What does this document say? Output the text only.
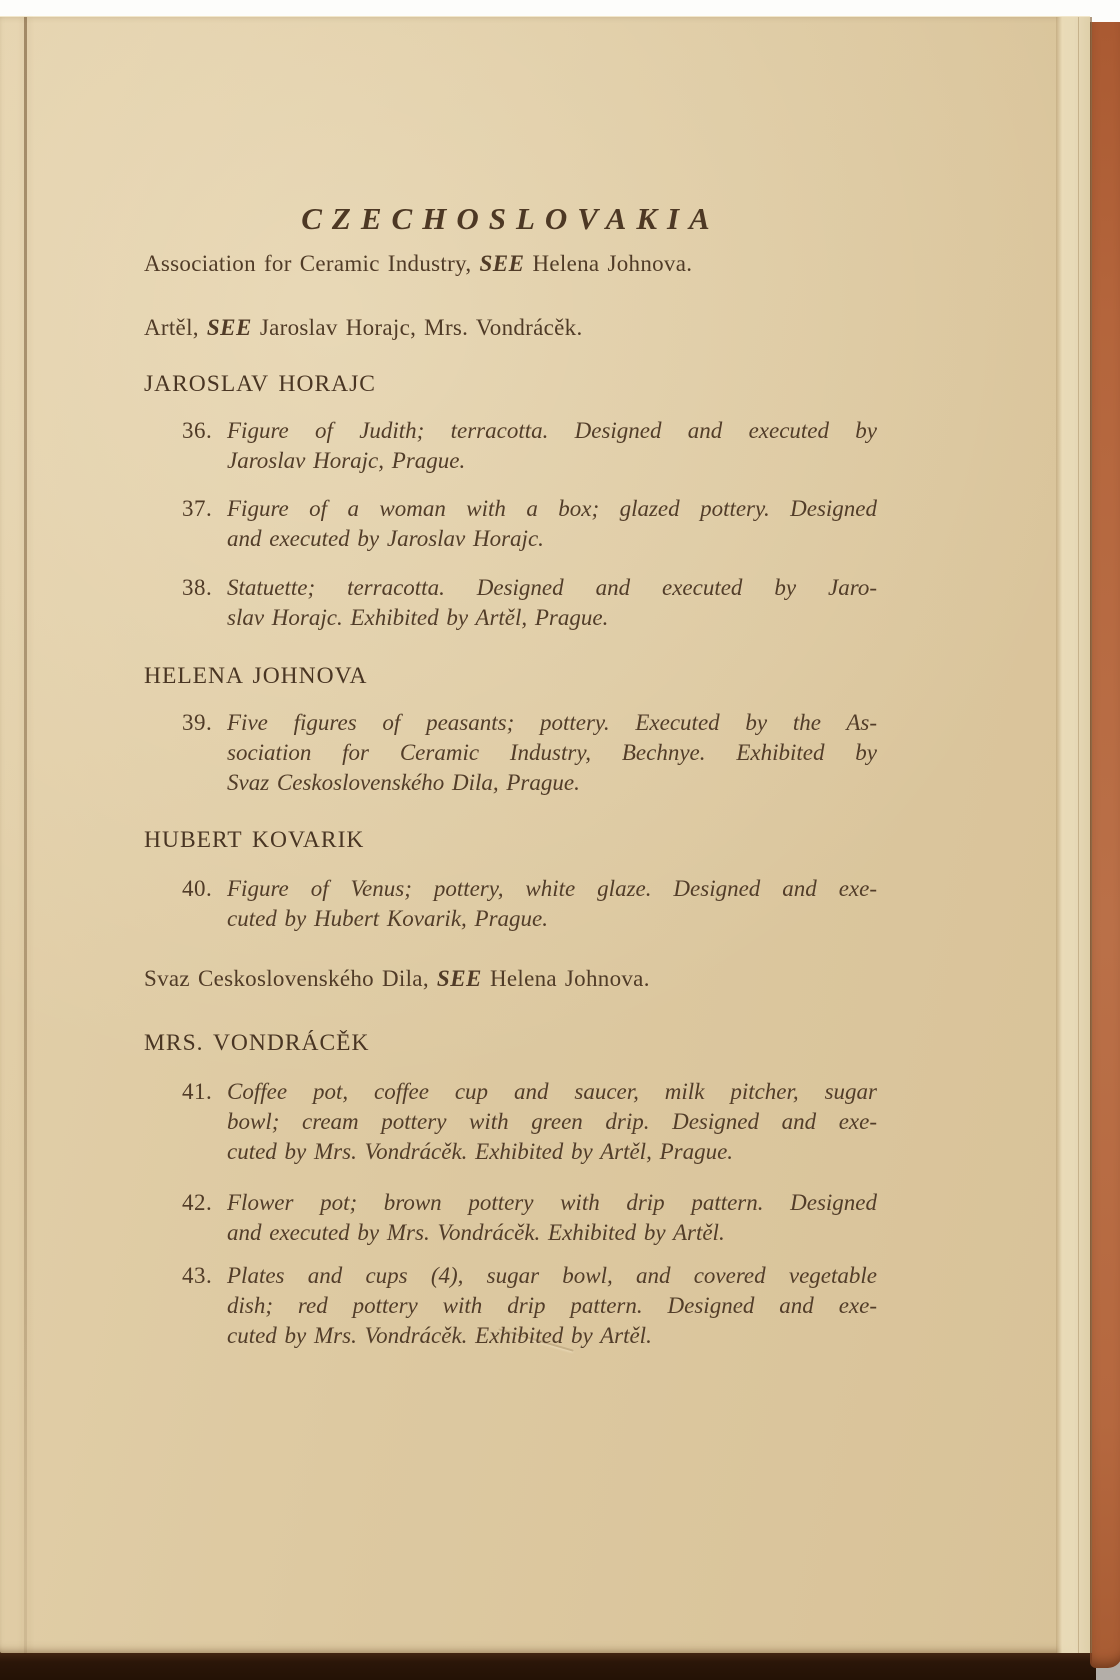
CZECHOSLOVAKIA

Association for Ceramic Industry, SEE Helena Johnova.

Artěl, SEE Jaroslav Horajc, Mrs. Vondrácěk.

JAROSLAV HORAJC
36. Figure of Judith; terracotta. Designed and executed by
Jaroslav Horajc, Prague.
37. Figure of a woman with a box; glazed pottery. Designed
and executed by Jaroslav Horajc.
38. Statuette; terracotta. Designed and executed by Jaro-
slav Horajc. Exhibited by Artěl, Prague.
HELENA JOHNOVA
39. Five figures of peasants; pottery. Executed by the As-
sociation for Ceramic Industry, Bechnye. Exhibited by
Svaz Ceskoslovenského Dila, Prague.
HUBERT KOVARIK
40. Figure of Venus; pottery, white glaze. Designed and exe-
cuted by Hubert Kovarik, Prague.

Svaz Ceskoslovenského Dila, SEE Helena Johnova.

MRS. VONDRÁCĚK
41. Coffee pot, coffee cup and saucer, milk pitcher, sugar
bowl; cream pottery with green drip. Designed and exe-
cuted by Mrs. Vondrácěk. Exhibited by Artěl, Prague.
42. Flower pot; brown pottery with drip pattern. Designed
and executed by Mrs. Vondrácěk. Exhibited by Artěl.
43. Plates and cups (4), sugar bowl, and covered vegetable
dish; red pottery with drip pattern. Designed and exe-
cuted by Mrs. Vondrácěk. Exhibited by Artěl.
